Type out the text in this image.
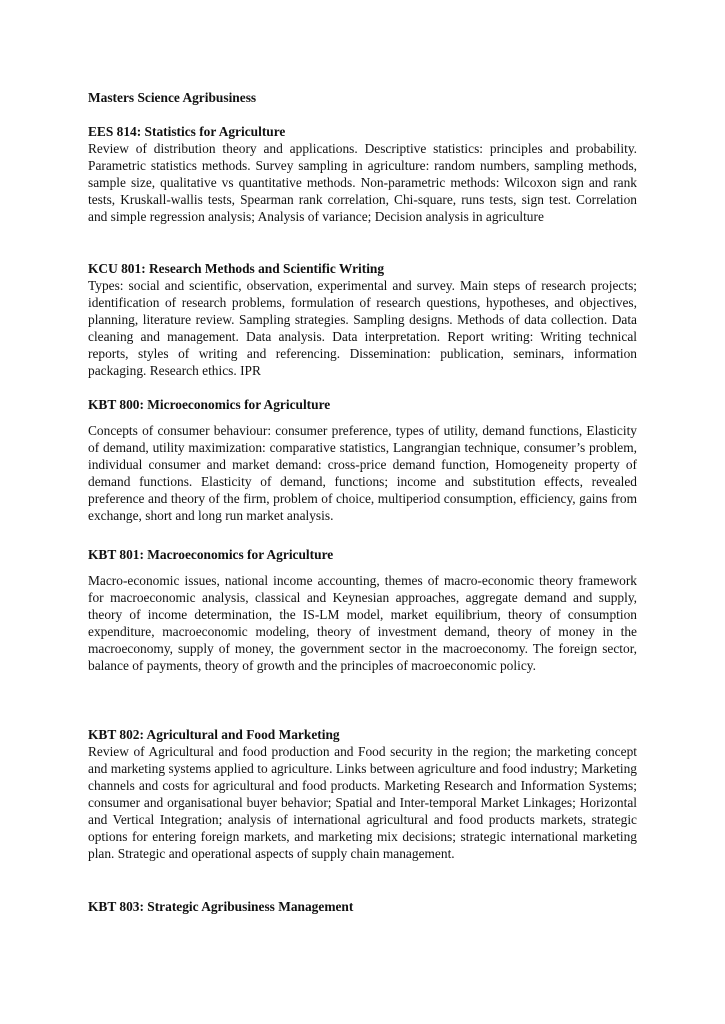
Masters Science Agribusiness
EES 814: Statistics for Agriculture

Review of distribution theory and applications. Descriptive statistics: principles and probability. Parametric statistics methods. Survey sampling in agriculture: random numbers, sampling methods, sample size, qualitative vs quantitative methods. Non-parametric methods: Wilcoxon sign and rank tests, Kruskall-wallis tests, Spearman rank correlation, Chi-square, runs tests, sign test. Correlation and simple regression analysis; Analysis of variance; Decision analysis in agriculture

KCU 801: Research Methods and Scientific Writing

Types: social and scientific, observation, experimental and survey. Main steps of research projects; identification of research problems, formulation of research questions, hypotheses, and objectives, planning, literature review. Sampling strategies. Sampling designs. Methods of data collection. Data cleaning and management. Data analysis. Data interpretation. Report writing: Writing technical reports, styles of writing and referencing. Dissemination: publication, seminars, information packaging. Research ethics. IPR

KBT 800: Microeconomics for Agriculture

Concepts of consumer behaviour: consumer preference, types of utility, demand functions, Elasticity of demand, utility maximization: comparative statistics, Langrangian technique, consumer’s problem, individual consumer and market demand: cross-price demand function, Homogeneity property of demand functions. Elasticity of demand, functions; income and substitution effects, revealed preference and theory of the firm, problem of choice, multiperiod consumption, efficiency, gains from exchange, short and long run market analysis.

KBT 801: Macroeconomics for Agriculture

Macro-economic issues, national income accounting, themes of macro-economic theory framework for macroeconomic analysis, classical and Keynesian approaches, aggregate demand and supply, theory of income determination, the IS-LM model, market equilibrium, theory of consumption expenditure, macroeconomic modeling, theory of investment demand, theory of money in the macroeconomy, supply of money, the government sector in the macroeconomy. The foreign sector, balance of payments, theory of growth and the principles of macroeconomic policy.

KBT 802: Agricultural and Food Marketing

Review of Agricultural and food production and Food security in the region; the marketing concept and marketing systems applied to agriculture. Links between agriculture and food industry; Marketing channels and costs for agricultural and food products. Marketing Research and Information Systems; consumer and organisational buyer behavior; Spatial and Inter-temporal Market Linkages; Horizontal and Vertical Integration; analysis of international agricultural and food products markets, strategic options for entering foreign markets, and marketing mix decisions; strategic international marketing plan. Strategic and operational aspects of supply chain management.

KBT 803: Strategic Agribusiness Management
